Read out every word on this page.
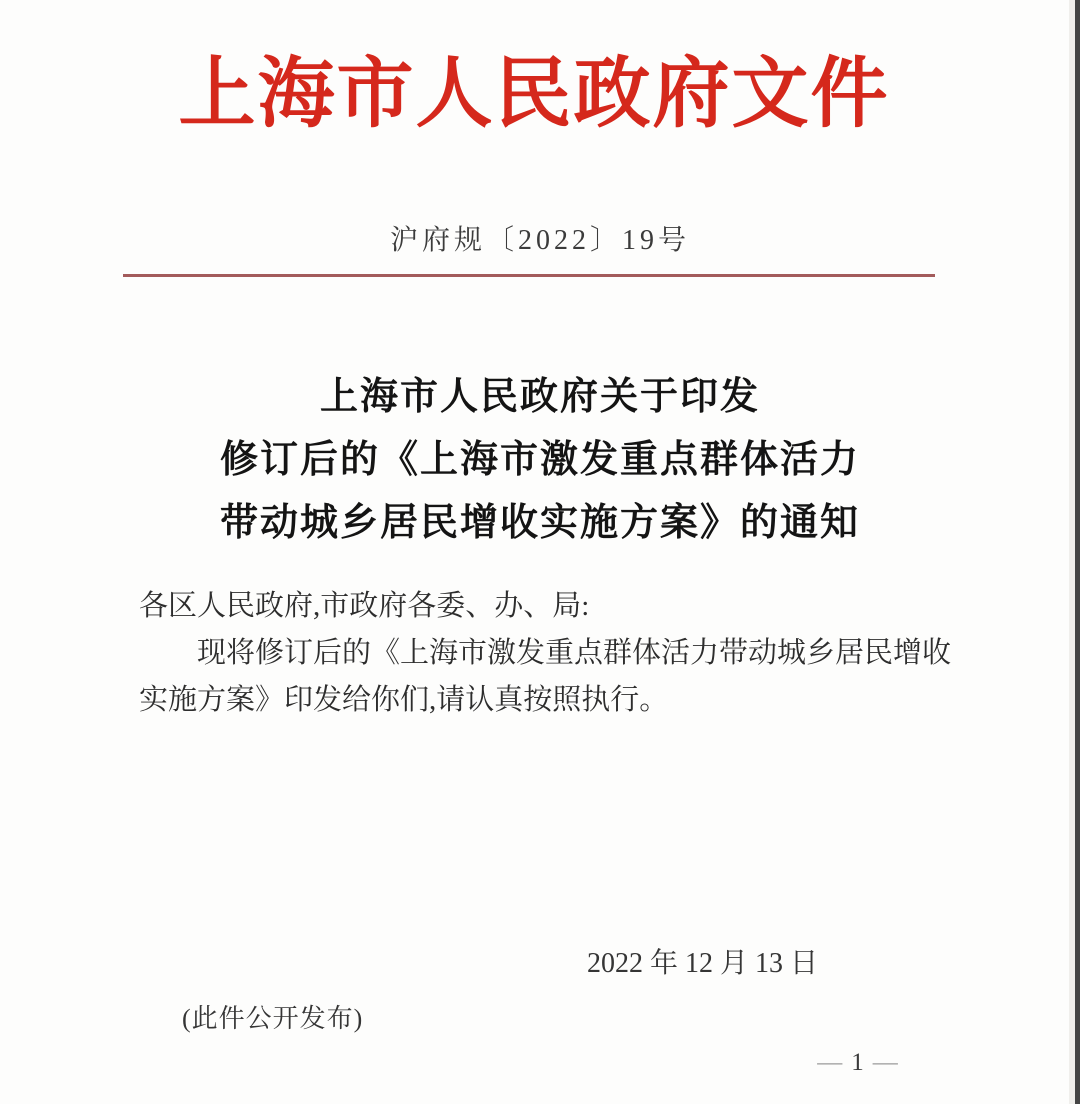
上海市人民政府文件
沪府规〔2022〕19号
上海市人民政府关于印发
修订后的《上海市激发重点群体活力
带动城乡居民增收实施方案》的通知
各区人民政府,市政府各委、办、局:

现将修订后的《上海市激发重点群体活力带动城乡居民增收实施方案》印发给你们,请认真按照执行。

2022 年 12 月 13 日
(此件公开发布)
— 1 —
